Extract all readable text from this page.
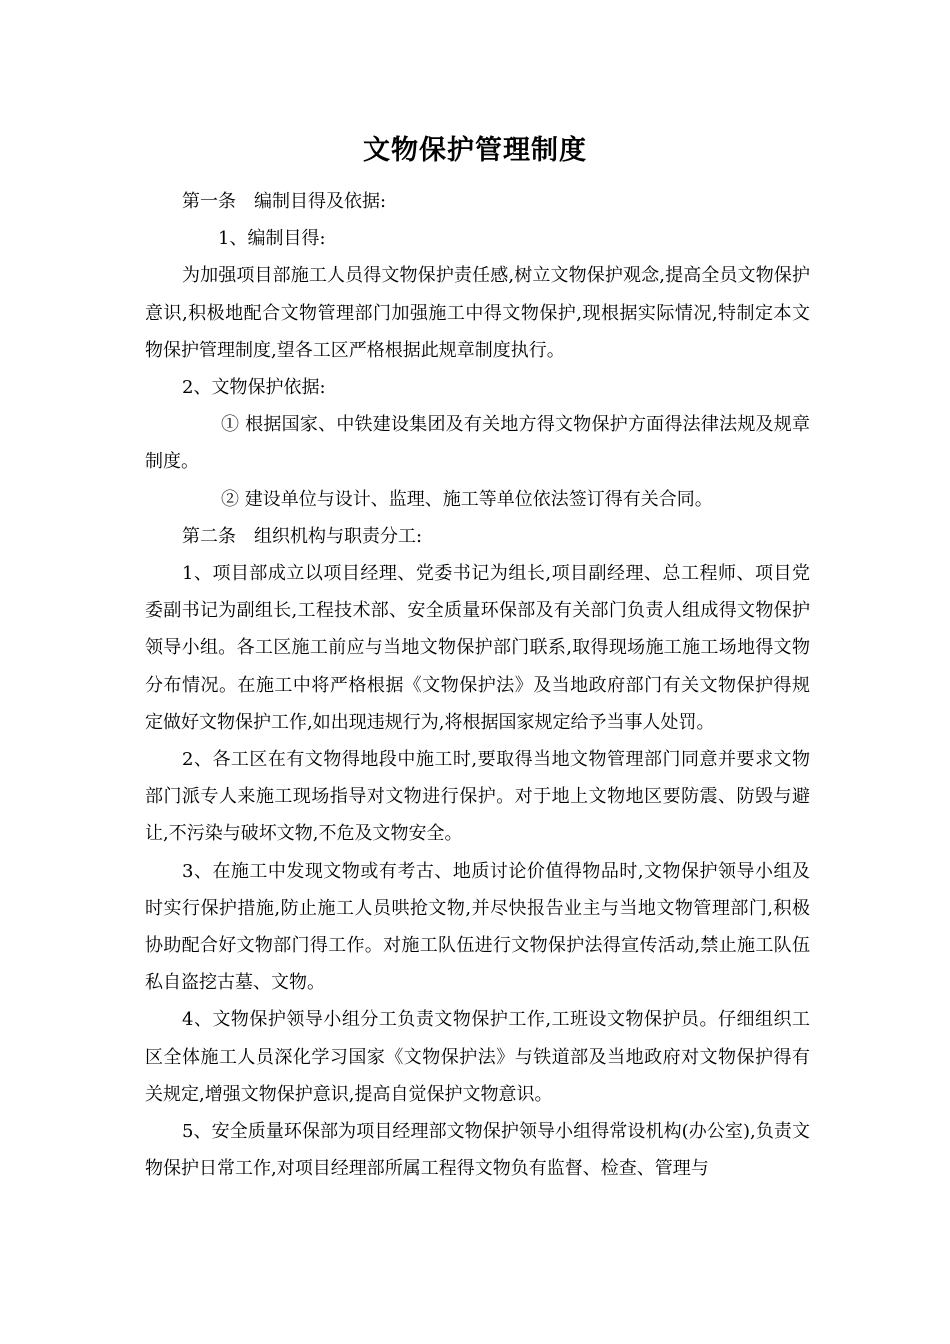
文物保护管理制度

第一条　编制目得及依据:

1、编制目得:

为加强项目部施工人员得文物保护责任感,树立文物保护观念,提高全员文物保护意识,积极地配合文物管理部门加强施工中得文物保护,现根据实际情况,特制定本文物保护管理制度,望各工区严格根据此规章制度执行。

2、文物保护依据:

① 根据国家、中铁建设集团及有关地方得文物保护方面得法律法规及规章制度。

② 建设单位与设计、监理、施工等单位依法签订得有关合同。

第二条　组织机构与职责分工:

1、项目部成立以项目经理、党委书记为组长,项目副经理、总工程师、项目党委副书记为副组长,工程技术部、安全质量环保部及有关部门负责人组成得文物保护领导小组。各工区施工前应与当地文物保护部门联系,取得现场施工施工场地得文物分布情况。在施工中将严格根据《文物保护法》及当地政府部门有关文物保护得规定做好文物保护工作,如出现违规行为,将根据国家规定给予当事人处罚。

2、各工区在有文物得地段中施工时,要取得当地文物管理部门同意并要求文物部门派专人来施工现场指导对文物进行保护。对于地上文物地区要防震、防毁与避让,不污染与破坏文物,不危及文物安全。

3、在施工中发现文物或有考古、地质讨论价值得物品时,文物保护领导小组及时实行保护措施,防止施工人员哄抢文物,并尽快报告业主与当地文物管理部门,积极协助配合好文物部门得工作。对施工队伍进行文物保护法得宣传活动,禁止施工队伍私自盗挖古墓、文物。

4、文物保护领导小组分工负责文物保护工作,工班设文物保护员。仔细组织工区全体施工人员深化学习国家《文物保护法》与铁道部及当地政府对文物保护得有关规定,增强文物保护意识,提高自觉保护文物意识。

5、安全质量环保部为项目经理部文物保护领导小组得常设机构(办公室),负责文物保护日常工作,对项目经理部所属工程得文物负有监督、检查、管理与
